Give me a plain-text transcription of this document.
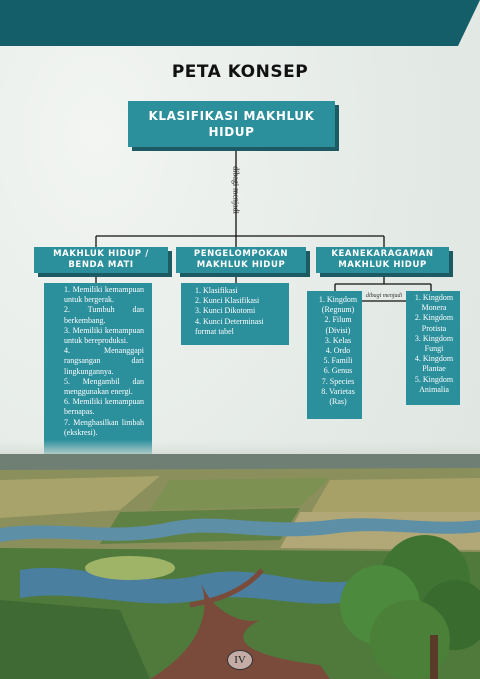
PETA KONSEP
dibagi menjadi
dibagi menjadi
KLASIFIKASI MAKHLUK
HIDUP
MAKHLUK HIDUP /
BENDA MATI
PENGELOMPOKAN
MAKHLUK HIDUP
KEANEKARAGAMAN
MAKHLUK HIDUP
1. Memiliki kemampuan untuk bergerak.
2. Tumbuh dan berkembang.
3. Memiliki kemampuan untuk bereproduksi.
4. Menanggapi rangsangan dari lingkungannya.
5. Mengambil dan menggunakan energi.
6. Memiliki kemampuan bernapas.
7. Menghasilkan limbah (ekskresi).
1. Klasifikasi
2. Kunci Klasifikasi
3. Kunci Dikotomi
4. Kunci Determinasi format tabel
1. Kingdom (Regnum)
2. Filum (Divisi)
3. Kelas
4. Ordo
5. Famili
6. Genus
7. Species
8. Varietas (Ras)
1. Kingdom Monera
2. Kingdom Protista
3. Kingdom Fungi
4. Kingdom Plantae
5. Kingdom Animalia
IV
